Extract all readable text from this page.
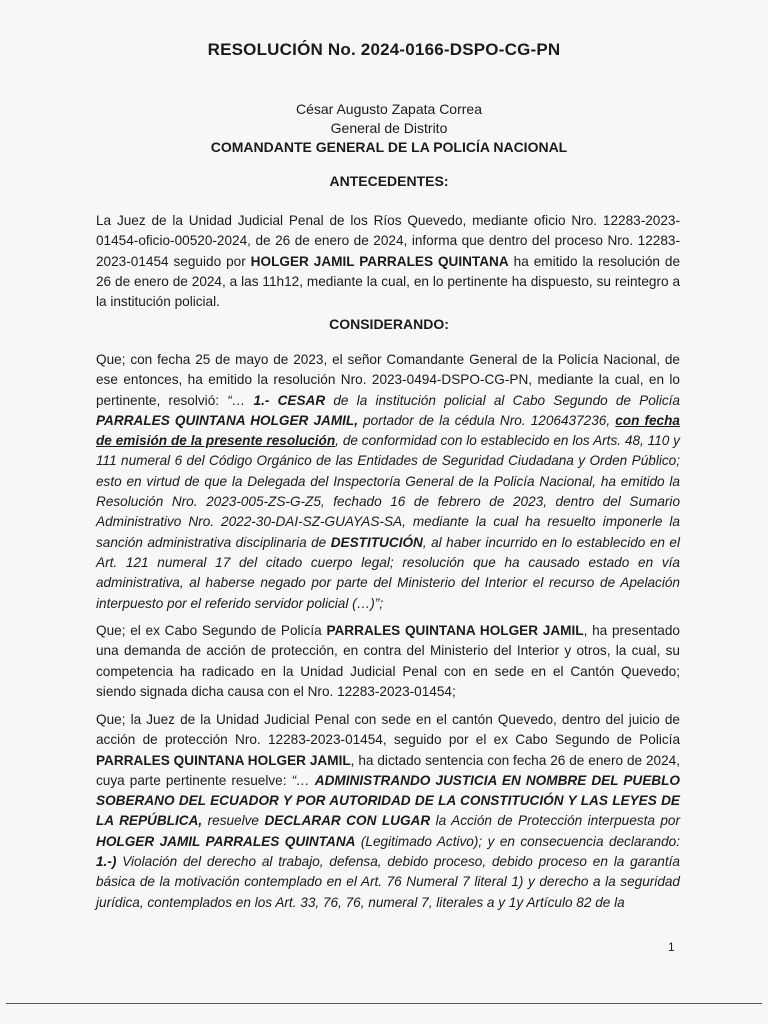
RESOLUCIÓN No. 2024-0166-DSPO-CG-PN
César Augusto Zapata Correa
General de Distrito
COMANDANTE GENERAL DE LA POLICÍA NACIONAL
ANTECEDENTES:
La Juez de la Unidad Judicial Penal de los Ríos Quevedo, mediante oficio Nro. 12283-2023-01454-oficio-00520-2024, de 26 de enero de 2024, informa que dentro del proceso Nro. 12283-2023-01454 seguido por HOLGER JAMIL PARRALES QUINTANA ha emitido la resolución de 26 de enero de 2024, a las 11h12, mediante la cual, en lo pertinente ha dispuesto, su reintegro a la institución policial.
CONSIDERANDO:
Que; con fecha 25 de mayo de 2023, el señor Comandante General de la Policía Nacional, de ese entonces, ha emitido la resolución Nro. 2023-0494-DSPO-CG-PN, mediante la cual, en lo pertinente, resolvió: “… 1.- CESAR de la institución policial al Cabo Segundo de Policía PARRALES QUINTANA HOLGER JAMIL, portador de la cédula Nro. 1206437236, con fecha de emisión de la presente resolución, de conformidad con lo establecido en los Arts. 48, 110 y 111 numeral 6 del Código Orgánico de las Entidades de Seguridad Ciudadana y Orden Público; esto en virtud de que la Delegada del Inspectoría General de la Policía Nacional, ha emitido la Resolución Nro. 2023-005-ZS-G-Z5, fechado 16 de febrero de 2023, dentro del Sumario Administrativo Nro. 2022-30-DAI-SZ-GUAYAS-SA, mediante la cual ha resuelto imponerle la sanción administrativa disciplinaria de DESTITUCIÓN, al haber incurrido en lo establecido en el Art. 121 numeral 17 del citado cuerpo legal; resolución que ha causado estado en vía administrativa, al haberse negado por parte del Ministerio del Interior el recurso de Apelación interpuesto por el referido servidor policial (…)”;
Que; el ex Cabo Segundo de Policía PARRALES QUINTANA HOLGER JAMIL, ha presentado una demanda de acción de protección, en contra del Ministerio del Interior y otros, la cual, su competencia ha radicado en la Unidad Judicial Penal con en sede en el Cantón Quevedo; siendo signada dicha causa con el Nro. 12283-2023-01454;
Que; la Juez de la Unidad Judicial Penal con sede en el cantón Quevedo, dentro del juicio de acción de protección Nro. 12283-2023-01454, seguido por el ex Cabo Segundo de Policía PARRALES QUINTANA HOLGER JAMIL, ha dictado sentencia con fecha 26 de enero de 2024, cuya parte pertinente resuelve: “… ADMINISTRANDO JUSTICIA EN NOMBRE DEL PUEBLO SOBERANO DEL ECUADOR Y POR AUTORIDAD DE LA CONSTITUCIÓN Y LAS LEYES DE LA REPÚBLICA, resuelve DECLARAR CON LUGAR la Acción de Protección interpuesta por HOLGER JAMIL PARRALES QUINTANA (Legitimado Activo); y en consecuencia declarando: 1.-) Violación del derecho al trabajo, defensa, debido proceso, debido proceso en la garantía básica de la motivación contemplado en el Art. 76 Numeral 7 literal 1) y derecho a la seguridad jurídica, contemplados en los Art. 33, 76, 76, numeral 7, literales a y 1y Artículo 82 de la
1
